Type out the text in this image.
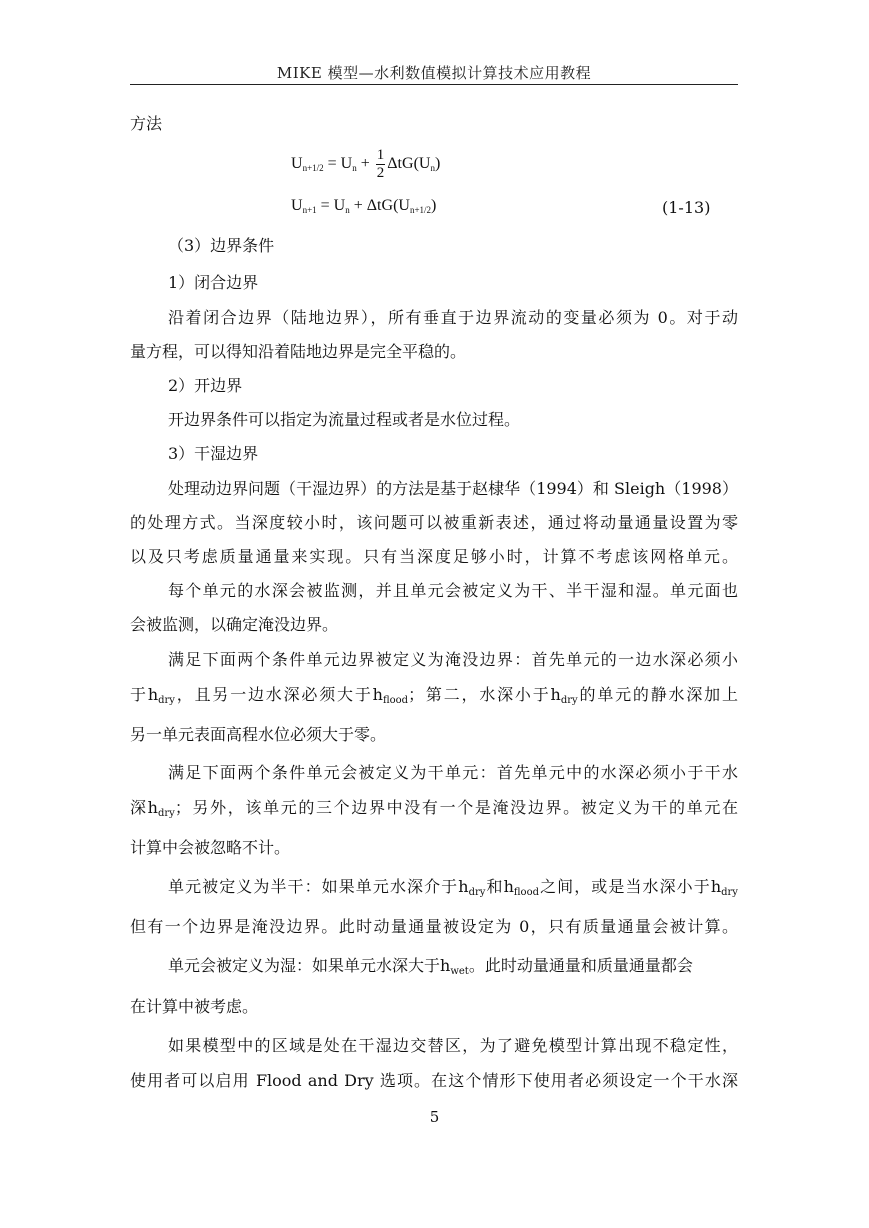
MIKE 模型—水利数值模拟计算技术应用教程
方法
$U_{n+1/2} = U_n + \frac{1}{2} \Delta tG(U_n)$
$U_{n+1} = U_n + \Delta tG(U_{n+1/2})$	(1-13)
（3）边界条件
1）闭合边界
沿着闭合边界（陆地边界），所有垂直于边界流动的变量必须为 0。对于动
量方程，可以得知沿着陆地边界是完全平稳的。
2）开边界
开边界条件可以指定为流量过程或者是水位过程。
3）干湿边界
处理动边界问题（干湿边界）的方法是基于赵棣华（1994）和 Sleigh（1998）
的处理方式。当深度较小时，该问题可以被重新表述，通过将动量通量设置为零
以及只考虑质量通量来实现。只有当深度足够小时，计算不考虑该网格单元。
每个单元的水深会被监测，并且单元会被定义为干、半干湿和湿。单元面也
会被监测，以确定淹没边界。
满足下面两个条件单元边界被定义为淹没边界：首先单元的一边水深必须小
于$h_{dry}$，且另一边水深必须大于$h_{flood}$；第二，水深小于$h_{dry}$的单元的静水深加上
另一单元表面高程水位必须大于零。
满足下面两个条件单元会被定义为干单元：首先单元中的水深必须小于干水
深$h_{dry}$；另外，该单元的三个边界中没有一个是淹没边界。被定义为干的单元在
计算中会被忽略不计。
单元被定义为半干：如果单元水深介于$h_{dry}$和$h_{flood}$之间，或是当水深小于$h_{dry}$
但有一个边界是淹没边界。此时动量通量被设定为 0，只有质量通量会被计算。
单元会被定义为湿：如果单元水深大于$h_{wet}$。此时动量通量和质量通量都会
在计算中被考虑。
如果模型中的区域是处在干湿边交替区，为了避免模型计算出现不稳定性，
使用者可以启用 Flood and Dry 选项。在这个情形下使用者必须设定一个干水深
5
